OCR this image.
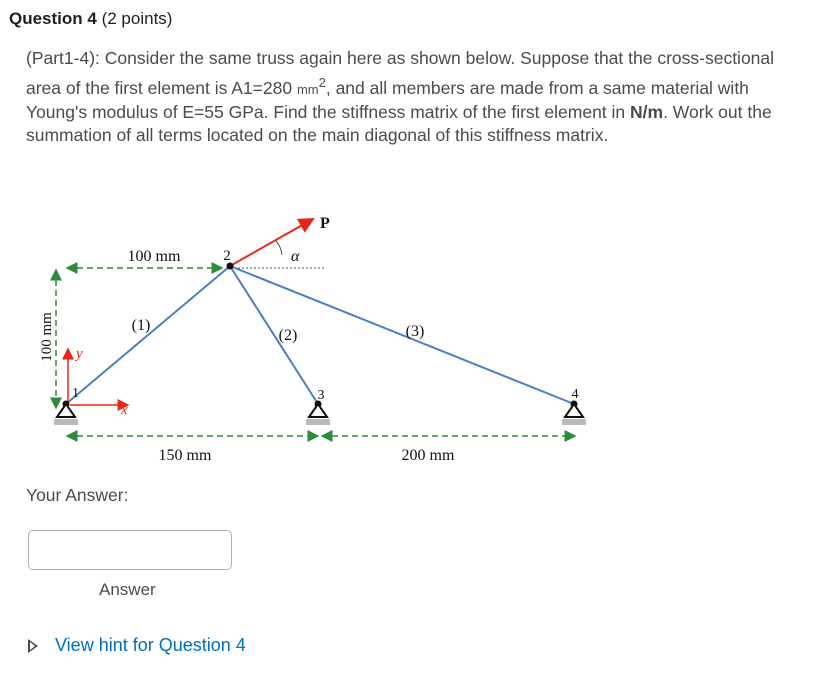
Question 4 (2 points)
(Part1-4): Consider the same truss again here as shown below. Suppose that the cross-sectional area of the first element is A1=280 $mm^2$, and all members are made from a same material with Young's modulus of E=55 GPa. Find the stiffness matrix of the first element in N/m. Work out the summation of all terms located on the main diagonal of this stiffness matrix.
100 mm
100 mm
150 mm	200 mm
(1)
(2)	(3)
1
2
3	4
P
α
x
y
Your Answer:
Answer
View hint for Question 4
